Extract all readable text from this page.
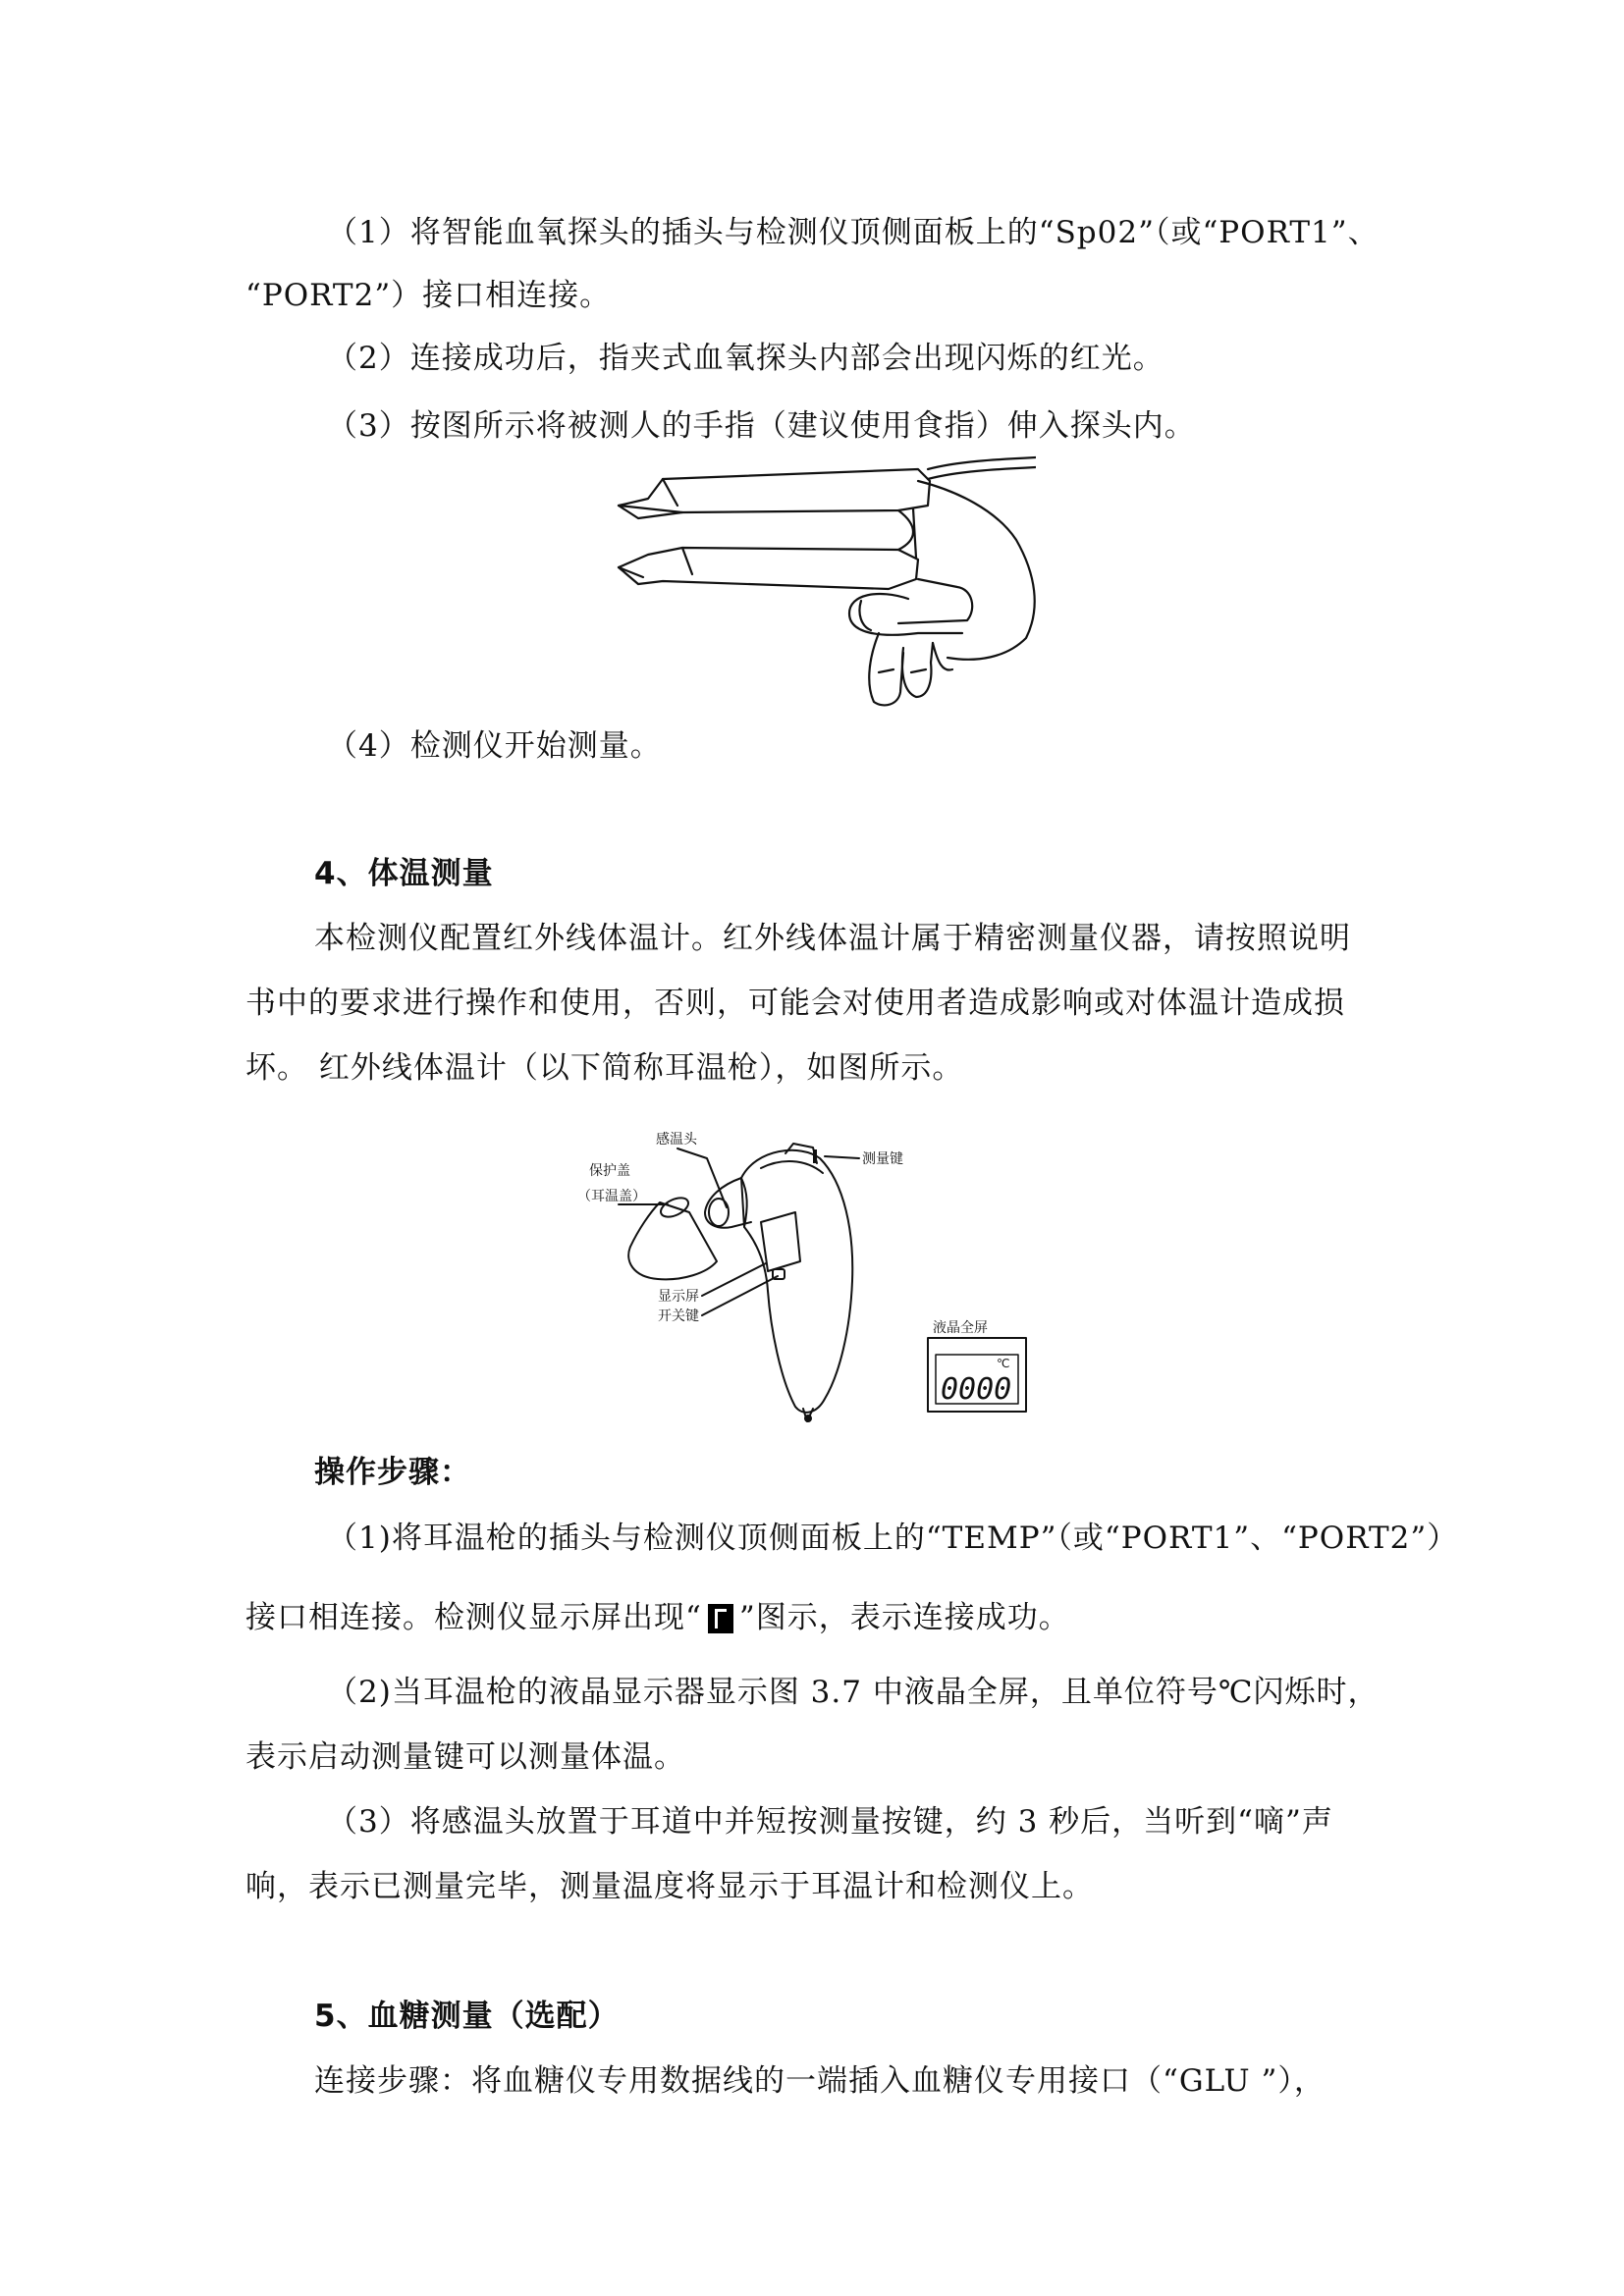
（1）将智能血氧探头的插头与检测仪顶侧面板上的“Sp02”（或“PORT1”、
“PORT2”）接口相连接。
（2）连接成功后，指夹式血氧探头内部会出现闪烁的红光。
（3）按图所示将被测人的手指（建议使用食指）伸入探头内。
（4）检测仪开始测量。
4、体温测量
本检测仪配置红外线体温计。红外线体温计属于精密测量仪器，请按照说明
书中的要求进行操作和使用，否则，可能会对使用者造成影响或对体温计造成损
坏。 红外线体温计（以下简称耳温枪），如图所示。
感温头
测量键
保护盖
（耳温盖）
显示屏
开关键
液晶全屏
℃
0000
操作步骤：
（1)将耳温枪的插头与检测仪顶侧面板上的“TEMP”（或“PORT1”、“PORT2”）
接口相连接。检测仪显示屏出现“ ”图示，表示连接成功。
（2)当耳温枪的液晶显示器显示图 3.7 中液晶全屏，且单位符号℃闪烁时，
表示启动测量键可以测量体温。
（3）将感温头放置于耳道中并短按测量按键，约 3 秒后，当听到“嘀”声
响，表示已测量完毕，测量温度将显示于耳温计和检测仪上。
5、血糖测量（选配）
连接步骤：将血糖仪专用数据线的一端插入血糖仪专用接口（“GLU ”），
